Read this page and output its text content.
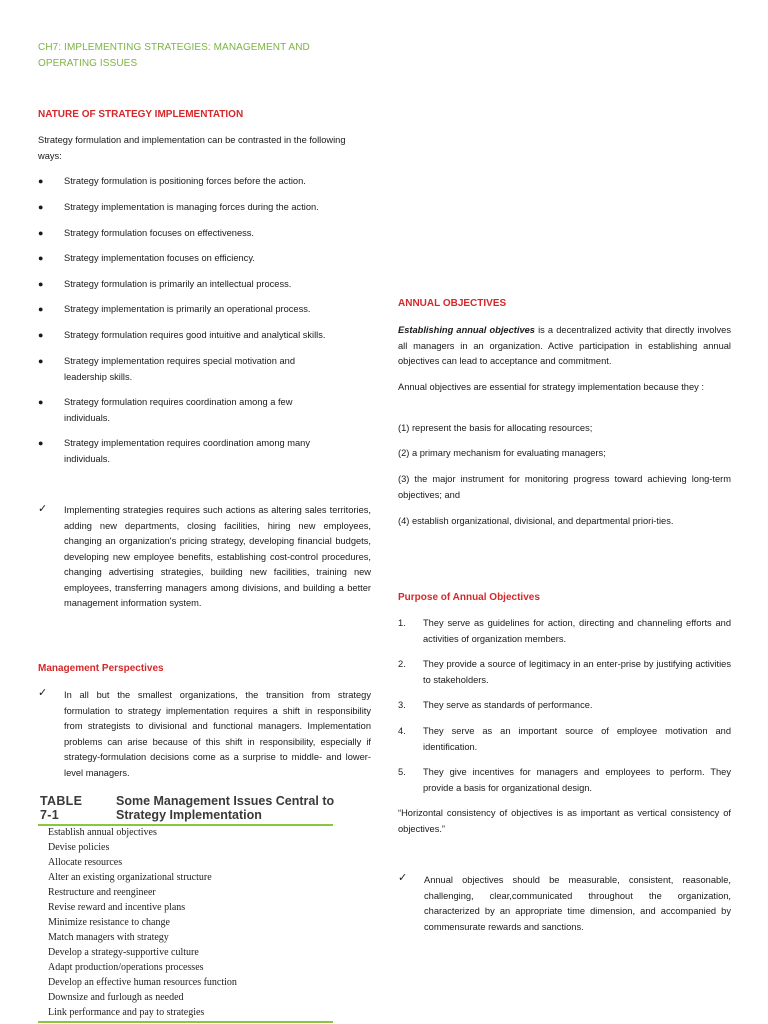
CH7: IMPLEMENTING STRATEGIES: MANAGEMENT AND OPERATING ISSUES
NATURE OF STRATEGY IMPLEMENTATION
Strategy formulation and implementation can be contrasted in the following ways:
● Strategy formulation is positioning forces before the action.
● Strategy implementation is managing forces during the action.
● Strategy formulation focuses on effectiveness.
● Strategy implementation focuses on efficiency.
● Strategy formulation is primarily an intellectual process.
● Strategy implementation is primarily an operational process.
● Strategy formulation requires good intuitive and analytical skills.
● Strategy implementation requires special motivation and leadership skills.
● Strategy formulation requires coordination among a few individuals.
● Strategy implementation requires coordination among many individuals.
✓ Implementing strategies requires such actions as altering sales territories, adding new departments, closing facilities, hiring new employees, changing an organization's pricing strategy, developing financial budgets, developing new employee benefits, establishing cost-control procedures, changing advertising strategies, building new facilities, training new employees, transferring managers among divisions, and building a better management information system.
Management Perspectives
✓ In all but the smallest organizations, the transition from strategy formulation to strategy implementation requires a shift in responsibility from strategists to divisional and functional managers. Implementation problems can arise because of this shift in responsibility, especially if strategy-formulation decisions come as a surprise to middle- and lower-level managers.
TABLE 7-1
Some Management Issues Central to Strategy Implementation
Establish annual objectives
Devise policies
Allocate resources
Alter an existing organizational structure
Restructure and reengineer
Revise reward and incentive plans
Minimize resistance to change
Match managers with strategy
Develop a strategy-supportive culture
Adapt production/operations processes
Develop an effective human resources function
Downsize and furlough as needed
Link performance and pay to strategies
ANNUAL OBJECTIVES
Establishing annual objectives is a decentralized activity that directly involves all managers in an organization. Active participation in establishing annual objectives can lead to acceptance and commitment.
Annual objectives are essential for strategy implementation because they :
(1) represent the basis for allocating resources;
(2) a primary mechanism for evaluating managers;
(3) the major instrument for monitoring progress toward achieving long-term objectives; and
(4) establish organizational, divisional, and departmental priori-ties.
Purpose of Annual Objectives
1. They serve as guidelines for action, directing and channeling efforts and activities of organization members.
2. They provide a source of legitimacy in an enter-prise by justifying activities to stakeholders.
3. They serve as standards of performance.
4. They serve as an important source of employee motivation and identification.
5. They give incentives for managers and employees to perform. They provide a basis for organizational design.
“Horizontal consistency of objectives is as important as vertical consistency of objectives.”
✓ Annual objectives should be measurable, consistent, reasonable, challenging, clear,communicated throughout the organization, characterized by an appropriate time dimension, and accompanied by commensurate rewards and sanctions.
